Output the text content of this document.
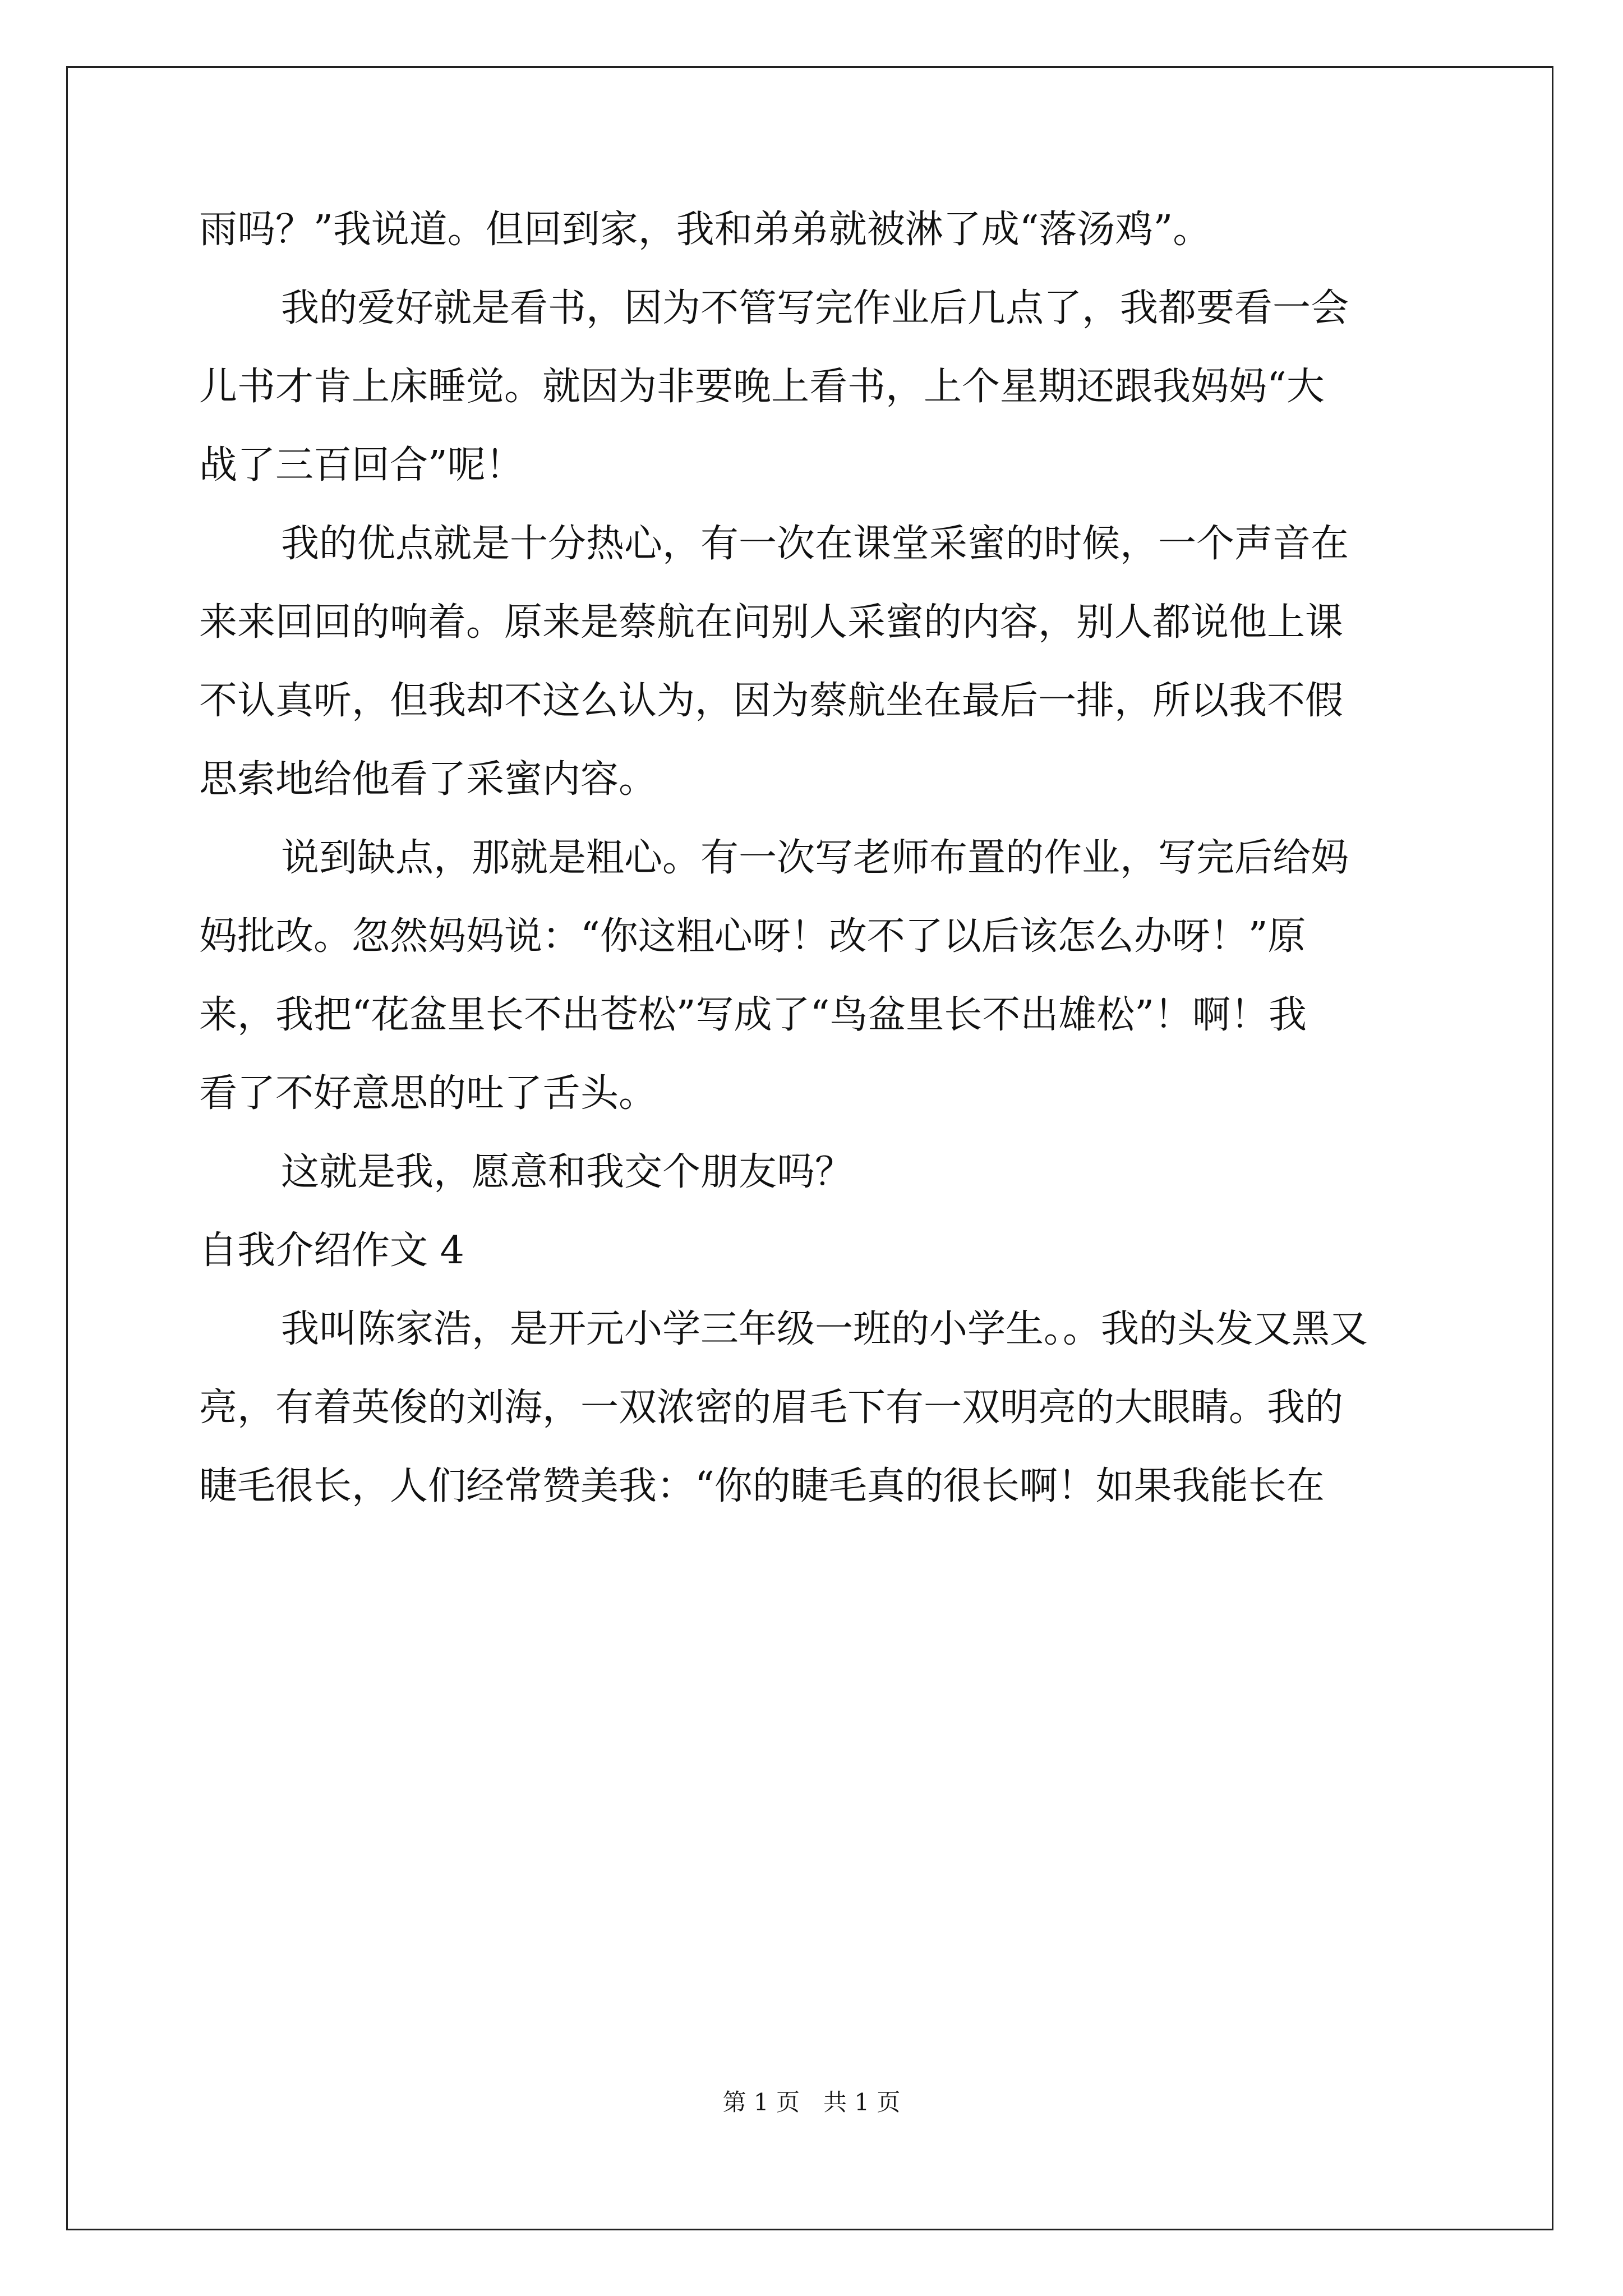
雨吗？”我说道。但回到家，我和弟弟就被淋了成“落汤鸡”。

我的爱好就是看书，因为不管写完作业后几点了，我都要看一会

儿书才肯上床睡觉。就因为非要晚上看书，上个星期还跟我妈妈“大

战了三百回合”呢！

我的优点就是十分热心，有一次在课堂采蜜的时候，一个声音在

来来回回的响着。原来是蔡航在问别人采蜜的内容，别人都说他上课

不认真听，但我却不这么认为，因为蔡航坐在最后一排，所以我不假

思索地给他看了采蜜内容。

说到缺点，那就是粗心。有一次写老师布置的作业，写完后给妈

妈批改。忽然妈妈说：“你这粗心呀！改不了以后该怎么办呀！”原

来，我把“花盆里长不出苍松”写成了“鸟盆里长不出雄松”！啊！我

看了不好意思的吐了舌头。

这就是我，愿意和我交个朋友吗？

自我介绍作文 4

我叫陈家浩，是开元小学三年级一班的小学生。。我的头发又黑又

亮，有着英俊的刘海，一双浓密的眉毛下有一双明亮的大眼睛。我的

睫毛很长，人们经常赞美我：“你的睫毛真的很长啊！如果我能长在

第 1 页　共 1 页
